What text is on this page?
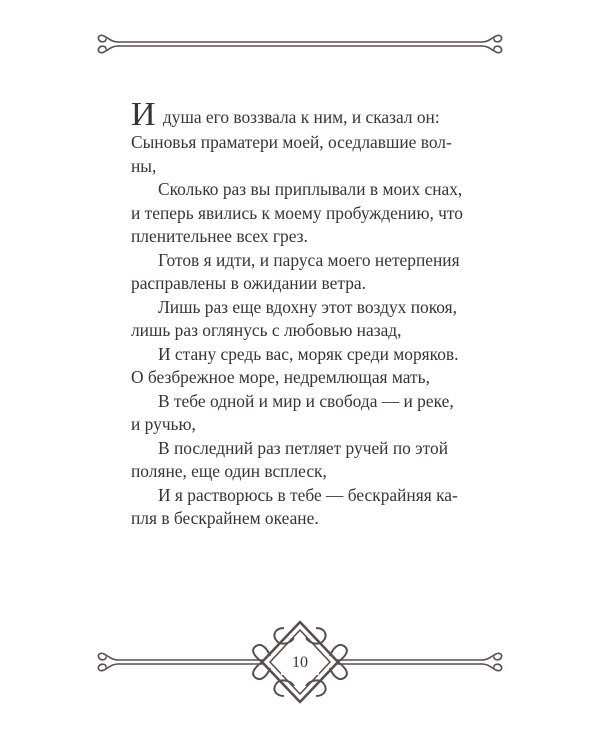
И душа его воззвала к ним, и сказал он:
Сыновья праматери моей, оседлавшие вол-
ны,
Сколько раз вы приплывали в моих снах,
и теперь явились к моему пробуждению, что
пленительнее всех грез.
Готов я идти, и паруса моего нетерпения
расправлены в ожидании ветра.
Лишь раз еще вдохну этот воздух покоя,
лишь раз оглянусь с любовью назад,
И стану средь вас, моряк среди моряков.
О безбрежное море, недремлющая мать,
В тебе одной и мир и свобода — и реке,
и ручью,
В последний раз петляет ручей по этой
поляне, еще один всплеск,
И я растворюсь в тебе — бескрайняя ка-
пля в бескрайнем океане.
10
